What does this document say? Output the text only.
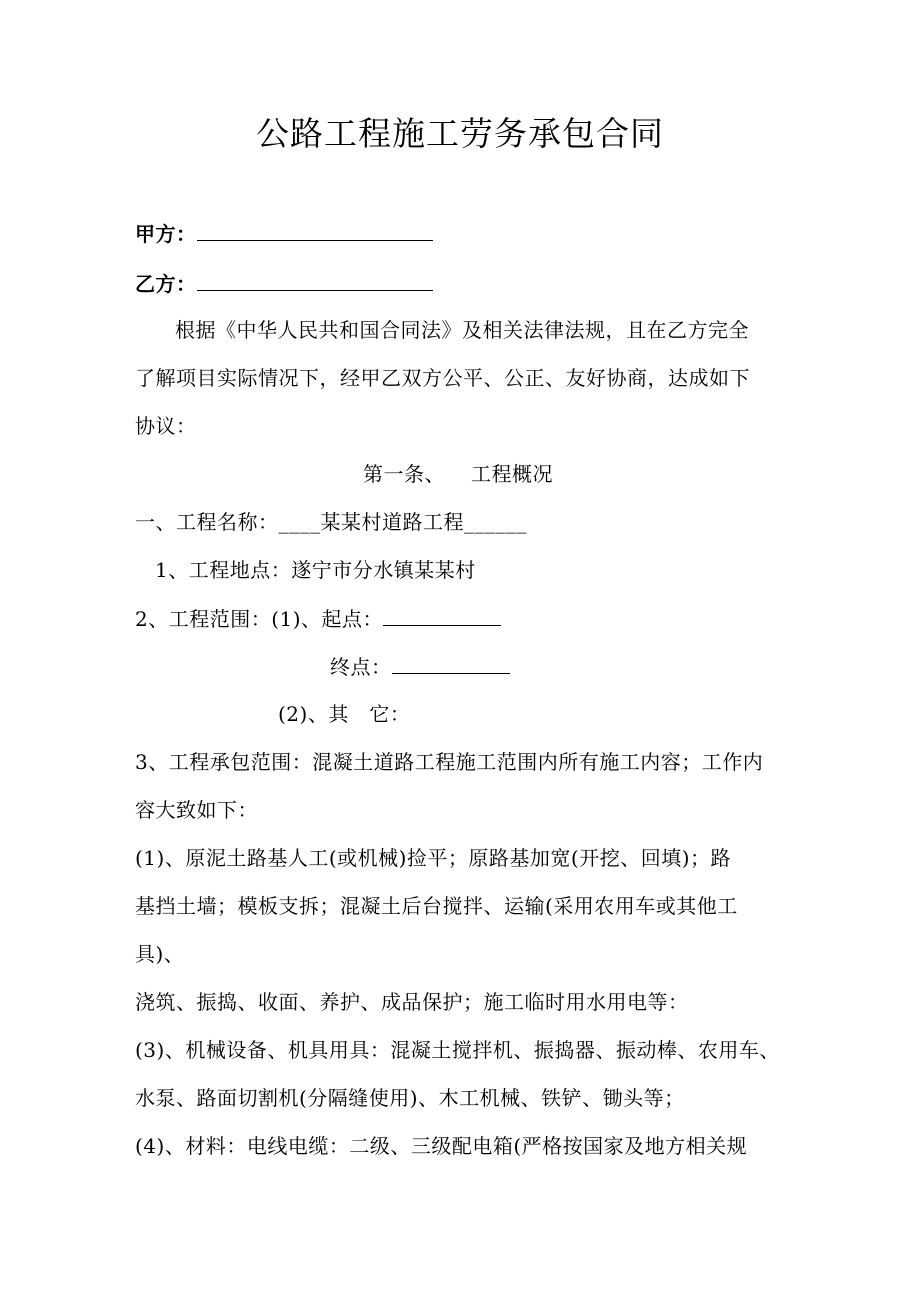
公路工程施工劳务承包合同
甲方：
乙方：
根据《中华人民共和国合同法》及相关法律法规，且在乙方完全
了解项目实际情况下，经甲乙双方公平、公正、友好协商，达成如下
协议：
第一条、 工程概况
一、工程名称：____某某村道路工程______
1、工程地点：遂宁市分水镇某某村
2、工程范围：(1)、起点：
终点：
(2)、其　它：
3、工程承包范围：混凝土道路工程施工范围内所有施工内容；工作内
容大致如下：
(1)、原泥土路基人工(或机械)捡平；原路基加宽(开挖、回填)；路
基挡土墙；模板支拆；混凝土后台搅拌、运输(采用农用车或其他工
具)、
浇筑、振捣、收面、养护、成品保护；施工临时用水用电等：
(3)、机械设备、机具用具：混凝土搅拌机、振捣器、振动棒、农用车、
水泵、路面切割机(分隔缝使用)、木工机械、铁铲、锄头等；
(4)、材料：电线电缆：二级、三级配电箱(严格按国家及地方相关规
